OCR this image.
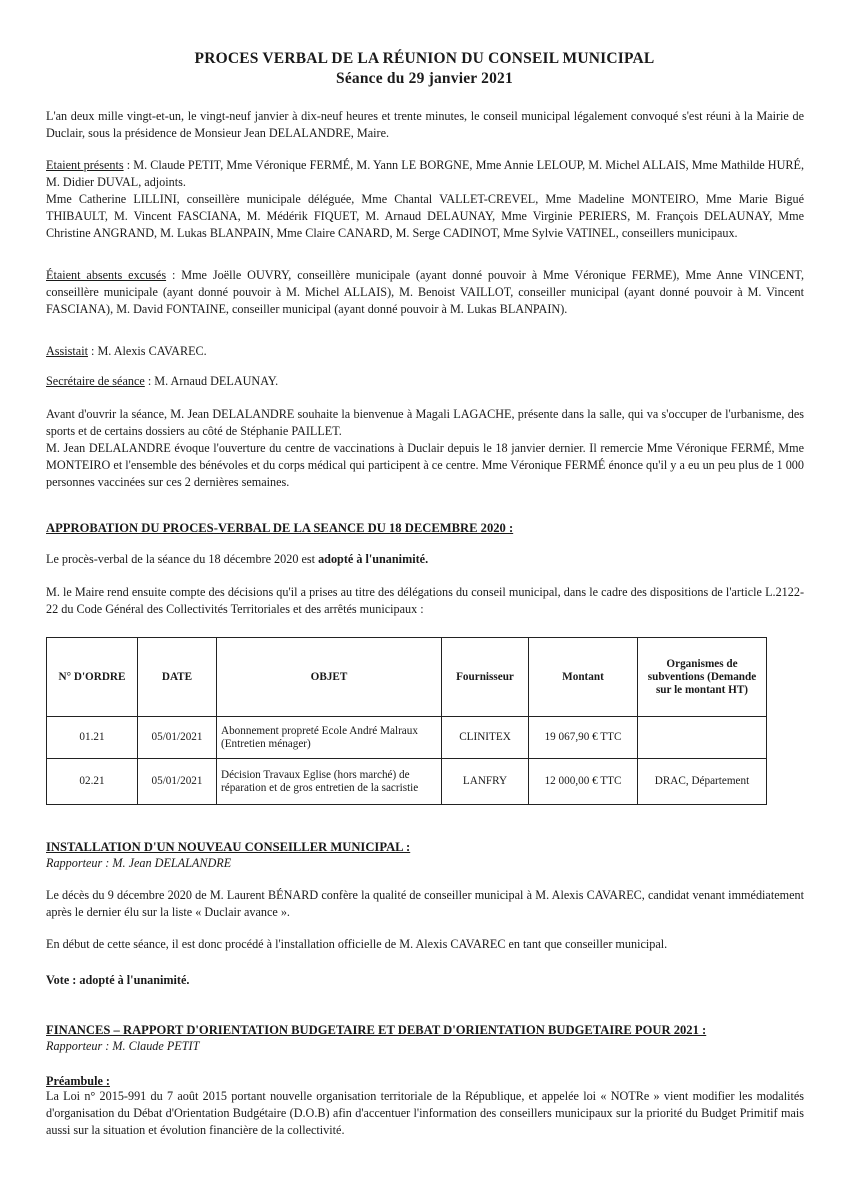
PROCES VERBAL DE LA RÉUNION DU CONSEIL MUNICIPAL
Séance du 29 janvier 2021
L'an deux mille vingt-et-un, le vingt-neuf janvier à dix-neuf heures et trente minutes, le conseil municipal légalement convoqué s'est réuni à la Mairie de Duclair, sous la présidence de Monsieur Jean DELALANDRE, Maire.
Etaient présents : M. Claude PETIT, Mme Véronique FERMÉ, M. Yann LE BORGNE, Mme Annie LELOUP, M. Michel ALLAIS, Mme Mathilde HURÉ, M. Didier DUVAL, adjoints.
Mme Catherine LILLINI, conseillère municipale déléguée, Mme Chantal VALLET-CREVEL, Mme Madeline MONTEIRO, Mme Marie Bigué THIBAULT, M. Vincent FASCIANA, M. Médérik FIQUET, M. Arnaud DELAUNAY, Mme Virginie PERIERS, M. François DELAUNAY, Mme Christine ANGRAND, M. Lukas BLANPAIN, Mme Claire CANARD, M. Serge CADINOT, Mme Sylvie VATINEL, conseillers municipaux.
Étaient absents excusés : Mme Joëlle OUVRY, conseillère municipale (ayant donné pouvoir à Mme Véronique FERME), Mme Anne VINCENT, conseillère municipale (ayant donné pouvoir à M. Michel ALLAIS), M. Benoist VAILLOT, conseiller municipal (ayant donné pouvoir à M. Vincent FASCIANA), M. David FONTAINE, conseiller municipal (ayant donné pouvoir à M. Lukas BLANPAIN).
Assistait : M. Alexis CAVAREC.
Secrétaire de séance : M. Arnaud DELAUNAY.
Avant d'ouvrir la séance, M. Jean DELALANDRE souhaite la bienvenue à Magali LAGACHE, présente dans la salle, qui va s'occuper de l'urbanisme, des sports et de certains dossiers au côté de Stéphanie PAILLET.
M. Jean DELALANDRE évoque l'ouverture du centre de vaccinations à Duclair depuis le 18 janvier dernier. Il remercie Mme Véronique FERMÉ, Mme MONTEIRO et l'ensemble des bénévoles et du corps médical qui participent à ce centre. Mme Véronique FERMÉ énonce qu'il y a eu un peu plus de 1 000 personnes vaccinées sur ces 2 dernières semaines.
APPROBATION DU PROCES-VERBAL DE LA SEANCE DU 18 DECEMBRE 2020 :
Le procès-verbal de la séance du 18 décembre 2020 est adopté à l'unanimité.
M. le Maire rend ensuite compte des décisions qu'il a prises au titre des délégations du conseil municipal, dans le cadre des dispositions de l'article L.2122-22 du Code Général des Collectivités Territoriales et des arrêtés municipaux :
N° D'ORDRE	DATE	OBJET	Fournisseur	Montant	Organismes de subventions (Demande sur le montant HT)
01.21	05/01/2021	Abonnement propreté Ecole André Malraux (Entretien ménager)	CLINITEX	19 067,90 € TTC	
02.21	05/01/2021	Décision Travaux Eglise (hors marché) de réparation et de gros entretien de la sacristie	LANFRY	12 000,00 € TTC	DRAC, Département
INSTALLATION D'UN NOUVEAU CONSEILLER MUNICIPAL :
Rapporteur : M. Jean DELALANDRE
Le décès du 9 décembre 2020 de M. Laurent BÉNARD confère la qualité de conseiller municipal à M. Alexis CAVAREC, candidat venant immédiatement après le dernier élu sur la liste « Duclair avance ».
En début de cette séance, il est donc procédé à l'installation officielle de M. Alexis CAVAREC en tant que conseiller municipal.
Vote : adopté à l'unanimité.
FINANCES – RAPPORT D'ORIENTATION BUDGETAIRE ET DEBAT D'ORIENTATION BUDGETAIRE POUR 2021 :
Rapporteur : M. Claude PETIT
Préambule :
La Loi n° 2015-991 du 7 août 2015 portant nouvelle organisation territoriale de la République, et appelée loi « NOTRe » vient modifier les modalités d'organisation du Débat d'Orientation Budgétaire (D.O.B) afin d'accentuer l'information des conseillers municipaux sur la priorité du Budget Primitif mais aussi sur la situation et évolution financière de la collectivité.
